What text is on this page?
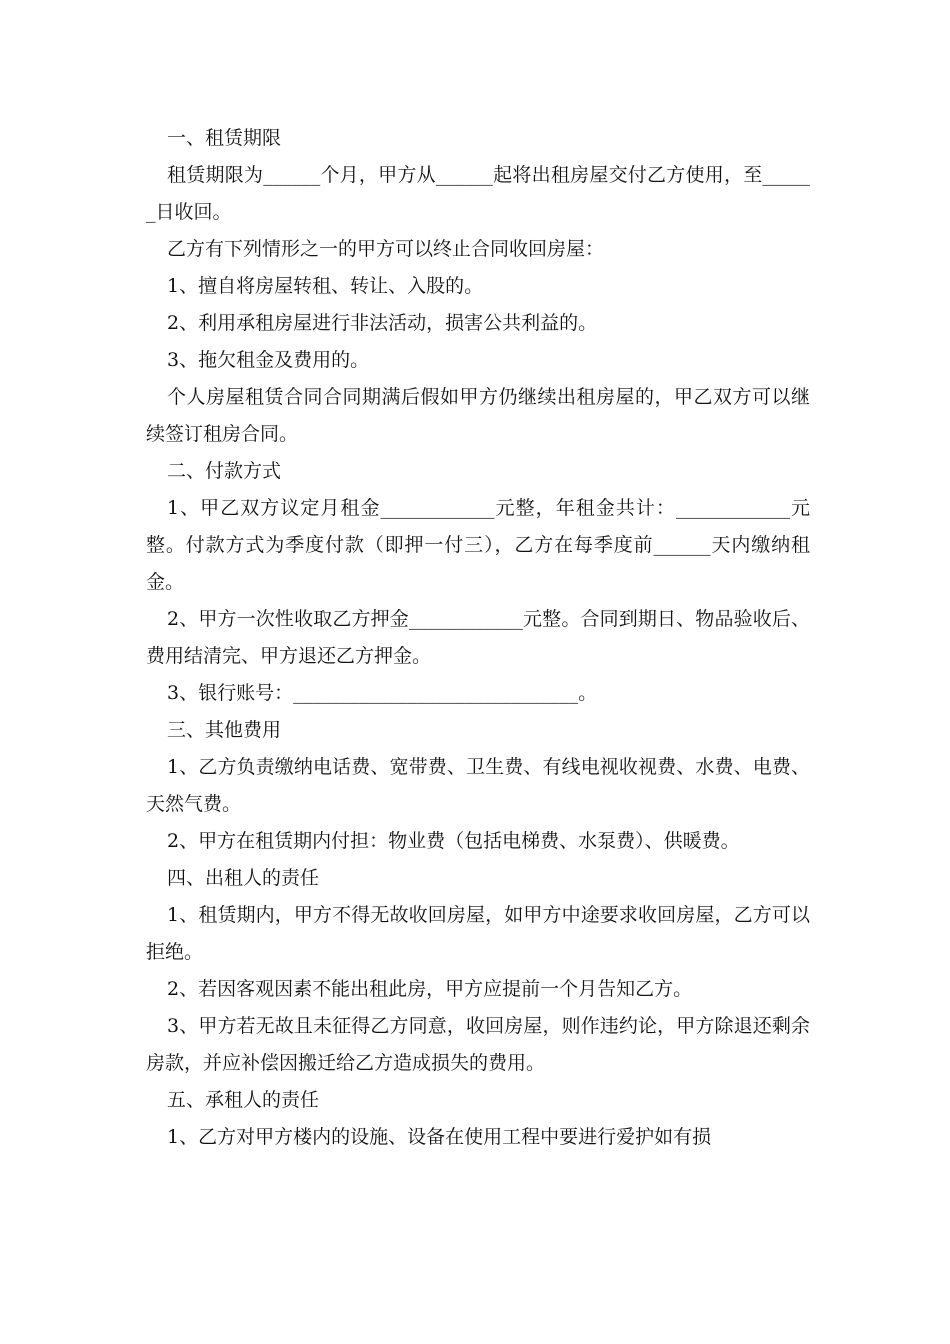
一、租赁期限

租赁期限为______个月，甲方从______起将出租房屋交付乙方使用，至______日收回。

乙方有下列情形之一的甲方可以终止合同收回房屋：

1、擅自将房屋转租、转让、入股的。

2、利用承租房屋进行非法活动，损害公共利益的。

3、拖欠租金及费用的。

个人房屋租赁合同合同期满后假如甲方仍继续出租房屋的，甲乙双方可以继续签订租房合同。

二、付款方式

1、甲乙双方议定月租金____________元整，年租金共计：____________元整。付款方式为季度付款（即押一付三），乙方在每季度前______天内缴纳租金。

2、甲方一次性收取乙方押金____________元整。合同到期日、物品验收后、费用结清完、甲方退还乙方押金。

3、银行账号：______________________________。

三、其他费用

1、乙方负责缴纳电话费、宽带费、卫生费、有线电视收视费、水费、电费、天然气费。

2、甲方在租赁期内付担：物业费（包括电梯费、水泵费）、供暖费。

四、出租人的责任

1、租赁期内，甲方不得无故收回房屋，如甲方中途要求收回房屋，乙方可以拒绝。

2、若因客观因素不能出租此房，甲方应提前一个月告知乙方。

3、甲方若无故且未征得乙方同意，收回房屋，则作违约论，甲方除退还剩余房款，并应补偿因搬迁给乙方造成损失的费用。

五、承租人的责任

1、乙方对甲方楼内的设施、设备在使用工程中要进行爱护如有损
